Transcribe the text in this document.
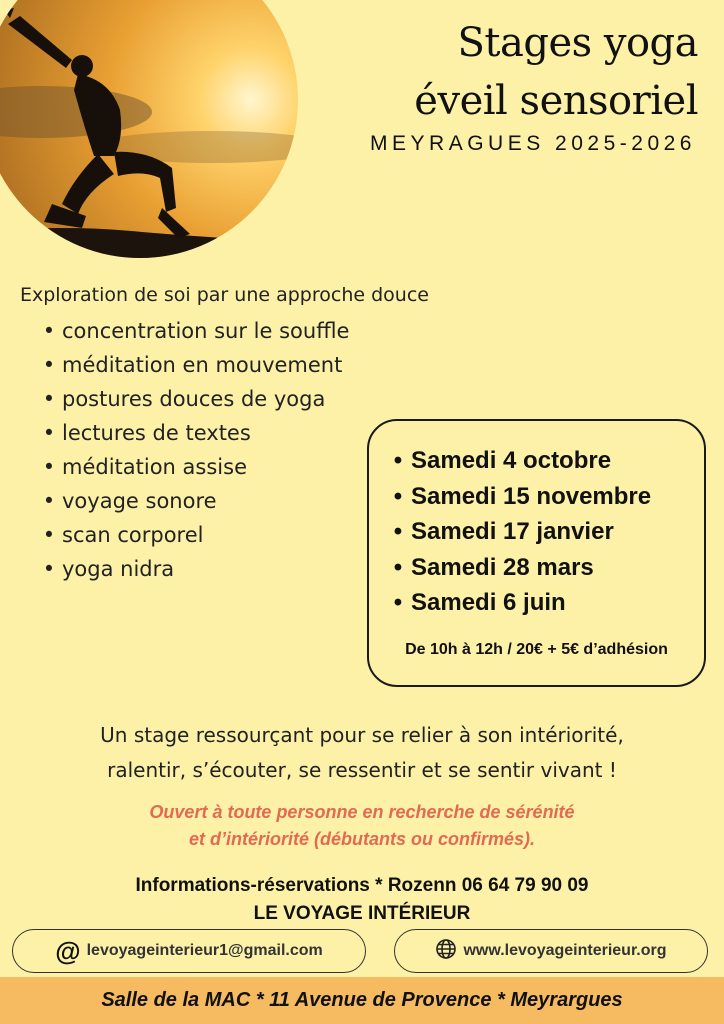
Stages yoga
éveil sensoriel
MEYRAGUES 2025-2026
Exploration de soi par une approche douce
• concentration sur le souffle
• méditation en mouvement
• postures douces de yoga
• lectures de textes
• méditation assise
• voyage sonore
• scan corporel
• yoga nidra
• Samedi 4 octobre
• Samedi 15 novembre
• Samedi 17 janvier
• Samedi 28 mars
• Samedi 6 juin
De 10h à 12h / 20€ + 5€ d’adhésion
Un stage ressourçant pour se relier à son intériorité,
ralentir, s’écouter, se ressentir et se sentir vivant !
Ouvert à toute personne en recherche de sérénité
et d’intériorité (débutants ou confirmés).
Informations-réservations * Rozenn 06 64 79 90 09
LE VOYAGE INTÉRIEUR
@ levoyageinterieur1@gmail.com	www.levoyageinterieur.org
Salle de la MAC * 11 Avenue de Provence * Meyrargues
